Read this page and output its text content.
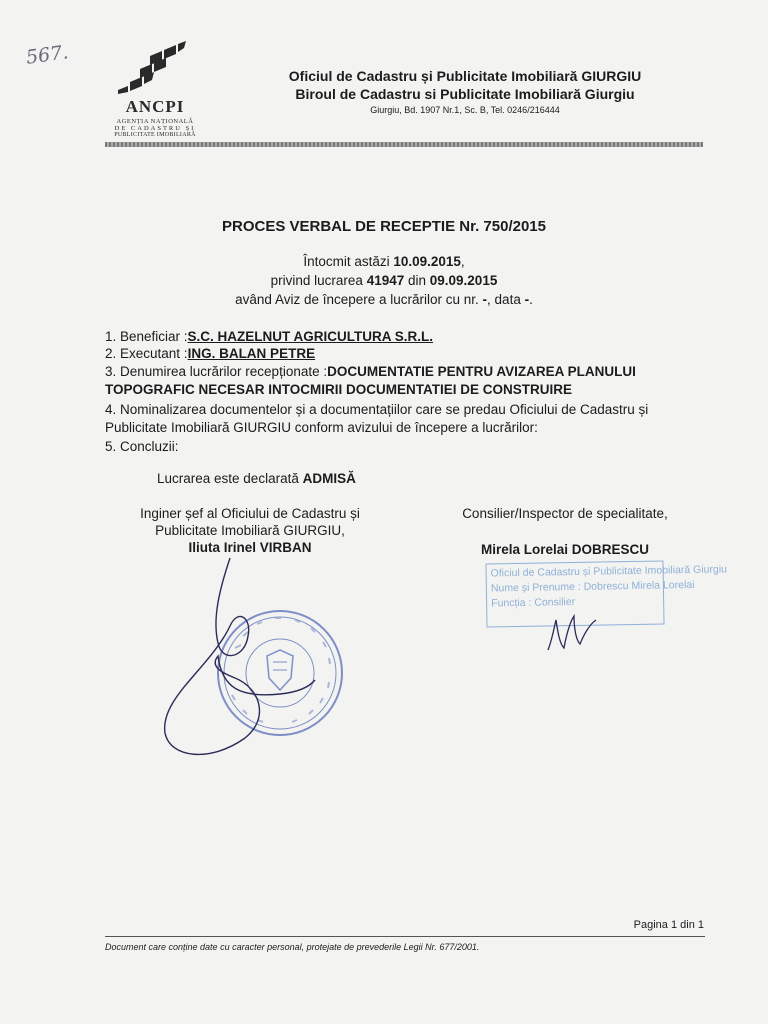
567.
ANCPI
AGENȚIA NAȚIONALĂ
DE CADASTRU ȘI
PUBLICITATE IMOBILIARĂ
Oficiul de Cadastru și Publicitate Imobiliară GIURGIU
Biroul de Cadastru si Publicitate Imobiliară Giurgiu
Giurgiu, Bd. 1907 Nr.1, Sc. B, Tel. 0246/216444
PROCES VERBAL DE RECEPTIE Nr. 750/2015
Întocmit astăzi 10.09.2015,
privind lucrarea 41947 din 09.09.2015
având Aviz de începere a lucrărilor cu nr. -, data -.
1. Beneficiar :S.C. HAZELNUT AGRICULTURA S.R.L.
2. Executant :ING. BALAN PETRE
3. Denumirea lucrărilor recepționate :DOCUMENTATIE PENTRU AVIZAREA PLANULUI
TOPOGRAFIC NECESAR INTOCMIRII DOCUMENTATIEI DE CONSTRUIRE
4. Nominalizarea documentelor și a documentațiilor care se predau Oficiului de Cadastru și
Publicitate Imobiliară GIURGIU conform avizului de începere a lucrărilor:
5. Concluzii:
Lucrarea este declarată ADMISĂ
Inginer șef al Oficiului de Cadastru și
Publicitate Imobiliară GIURGIU,
Iliuta Irinel VIRBAN
Consilier/Inspector de specialitate,
Mirela Lorelai DOBRESCU
Oficiul de Cadastru și Publicitate Imobiliară Giurgiu
Nume și Prenume : Dobrescu Mirela Lorelai
Funcția : Consilier
Pagina 1 din 1
Document care conține date cu caracter personal, protejate de prevederile Legii Nr. 677/2001.
